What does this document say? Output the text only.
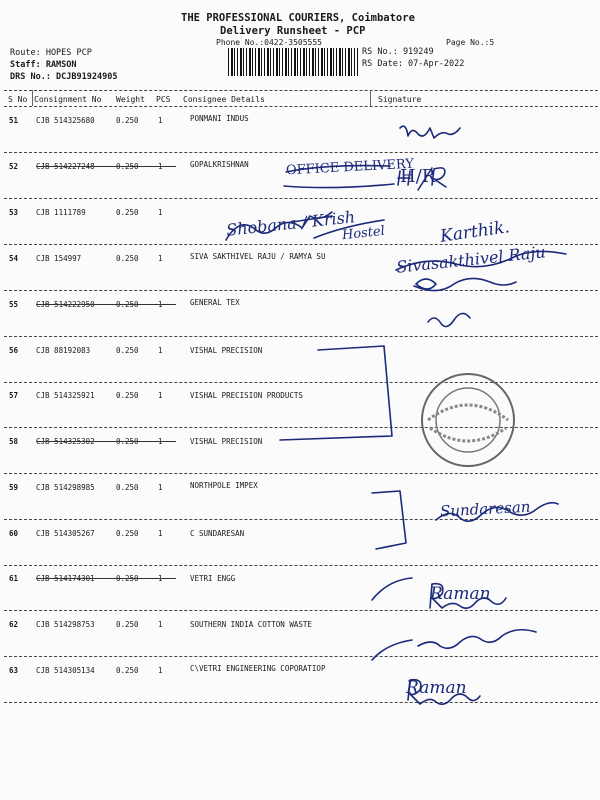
THE PROFESSIONAL COURIERS, Coimbatore
Delivery Runsheet - PCP
Phone No.:0422-3505555	Page No.:5
Route: HOPES PCP
Staff: RAMSON
DRS No.: DCJB91924905
RS No.: 919249
RS Date: 07-Apr-2022
S No Consignment No Weight PCS Consignee Details	Signature
51 CJB 514325680	0.250	1	PONMANI INDUS
52 CJB 514227248	0.250	1	GOPALKRISHNAN
53 CJB 1111789	0.250	1
54 CJB 154997	0.250	1	SIVA SAKTHIVEL RAJU / RAMYA SU
55 CJB 514222950	0.250	1	GENERAL TEX
56 CJB 88192083	0.250	1	VISHAL PRECISION
57 CJB 514325921	0.250	1	VISHAL PRECISION PRODUCTS
58 CJB 514325302	0.250	1	VISHAL PRECISION
59 CJB 514298985	0.250	1	NORTHPOLE IMPEX
60 CJB 514305267	0.250	1	C SUNDARESAN
61 CJB 514174301	0.250	1	VETRI ENGG
62 CJB 514298753	0.250	1	SOUTHERN INDIA COTTON WASTE
63 CJB 514305134	0.250	1	C\VETRI ENGINEERING COPORATIOP
OFFICE DELIVERY
H/R
Shobana / Krish
Hostel	Karthik.
Sivasakthivel Raju
Sundaresan
Raman
Raman
